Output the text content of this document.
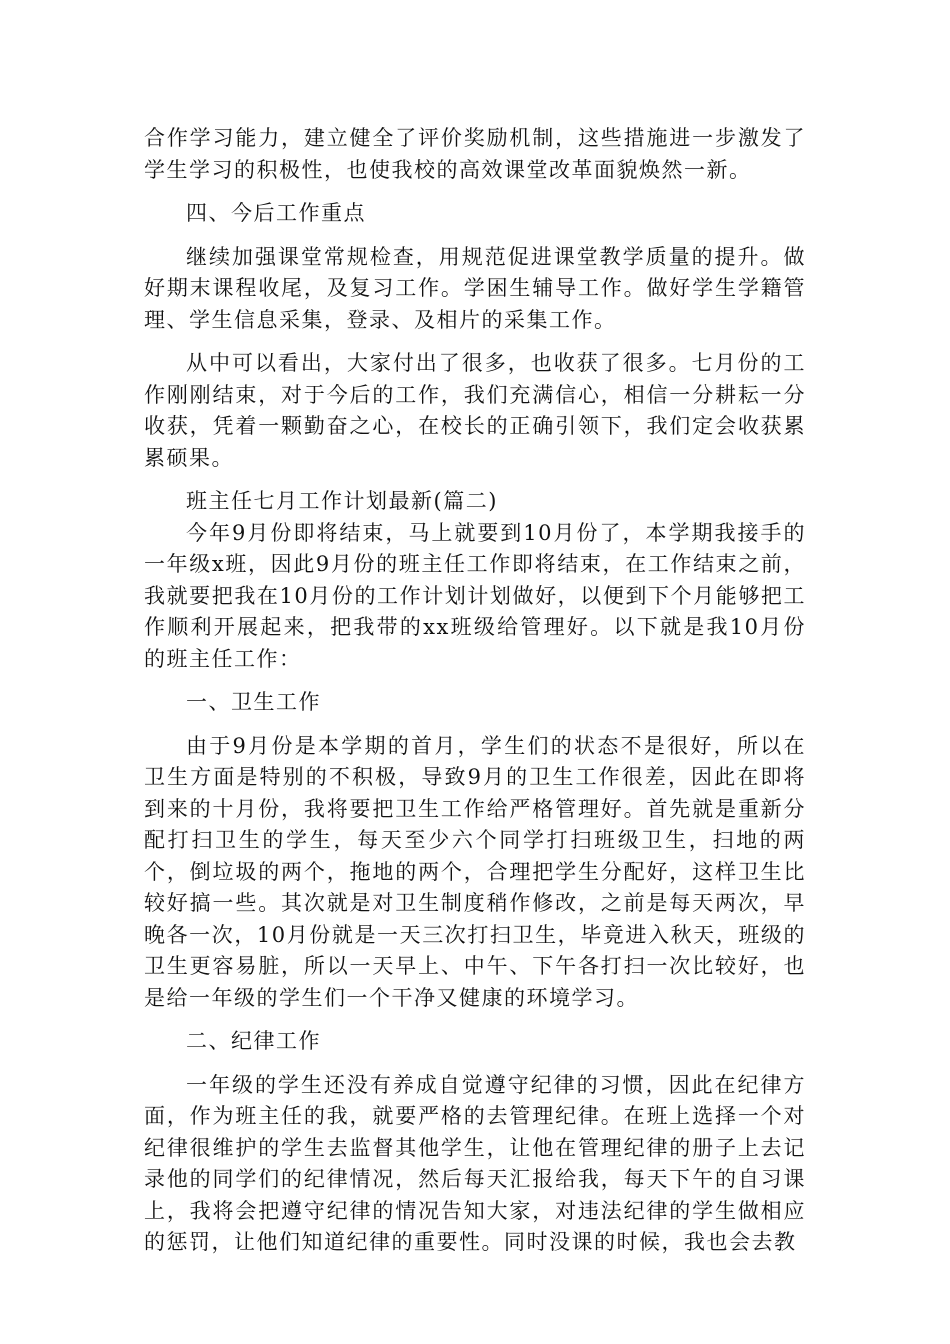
合作学习能力，建立健全了评价奖励机制，这些措施进一步激发了学生学习的积极性，也使我校的高效课堂改革面貌焕然一新。

四、今后工作重点

继续加强课堂常规检查，用规范促进课堂教学质量的提升。做好期末课程收尾，及复习工作。学困生辅导工作。做好学生学籍管理、学生信息采集，登录、及相片的采集工作。

从中可以看出，大家付出了很多，也收获了很多。七月份的工作刚刚结束，对于今后的工作，我们充满信心，相信一分耕耘一分收获，凭着一颗勤奋之心，在校长的正确引领下，我们定会收获累累硕果。

班主任七月工作计划最新(篇二)

今年9月份即将结束，马上就要到10月份了，本学期我接手的一年级x班，因此9月份的班主任工作即将结束，在工作结束之前，我就要把我在10月份的工作计划计划做好，以便到下个月能够把工作顺利开展起来，把我带的xx班级给管理好。以下就是我10月份的班主任工作：

一、卫生工作

由于9月份是本学期的首月，学生们的状态不是很好，所以在卫生方面是特别的不积极，导致9月的卫生工作很差，因此在即将到来的十月份，我将要把卫生工作给严格管理好。首先就是重新分配打扫卫生的学生，每天至少六个同学打扫班级卫生，扫地的两个，倒垃圾的两个，拖地的两个，合理把学生分配好，这样卫生比较好搞一些。其次就是对卫生制度稍作修改，之前是每天两次，早晚各一次，10月份就是一天三次打扫卫生，毕竟进入秋天，班级的卫生更容易脏，所以一天早上、中午、下午各打扫一次比较好，也是给一年级的学生们一个干净又健康的环境学习。

二、纪律工作

一年级的学生还没有养成自觉遵守纪律的习惯，因此在纪律方面，作为班主任的我，就要严格的去管理纪律。在班上选择一个对纪律很维护的学生去监督其他学生，让他在管理纪律的册子上去记录他的同学们的纪律情况，然后每天汇报给我，每天下午的自习课上，我将会把遵守纪律的情况告知大家，对违法纪律的学生做相应的惩罚，让他们知道纪律的重要性。同时没课的时候，我也会去教
